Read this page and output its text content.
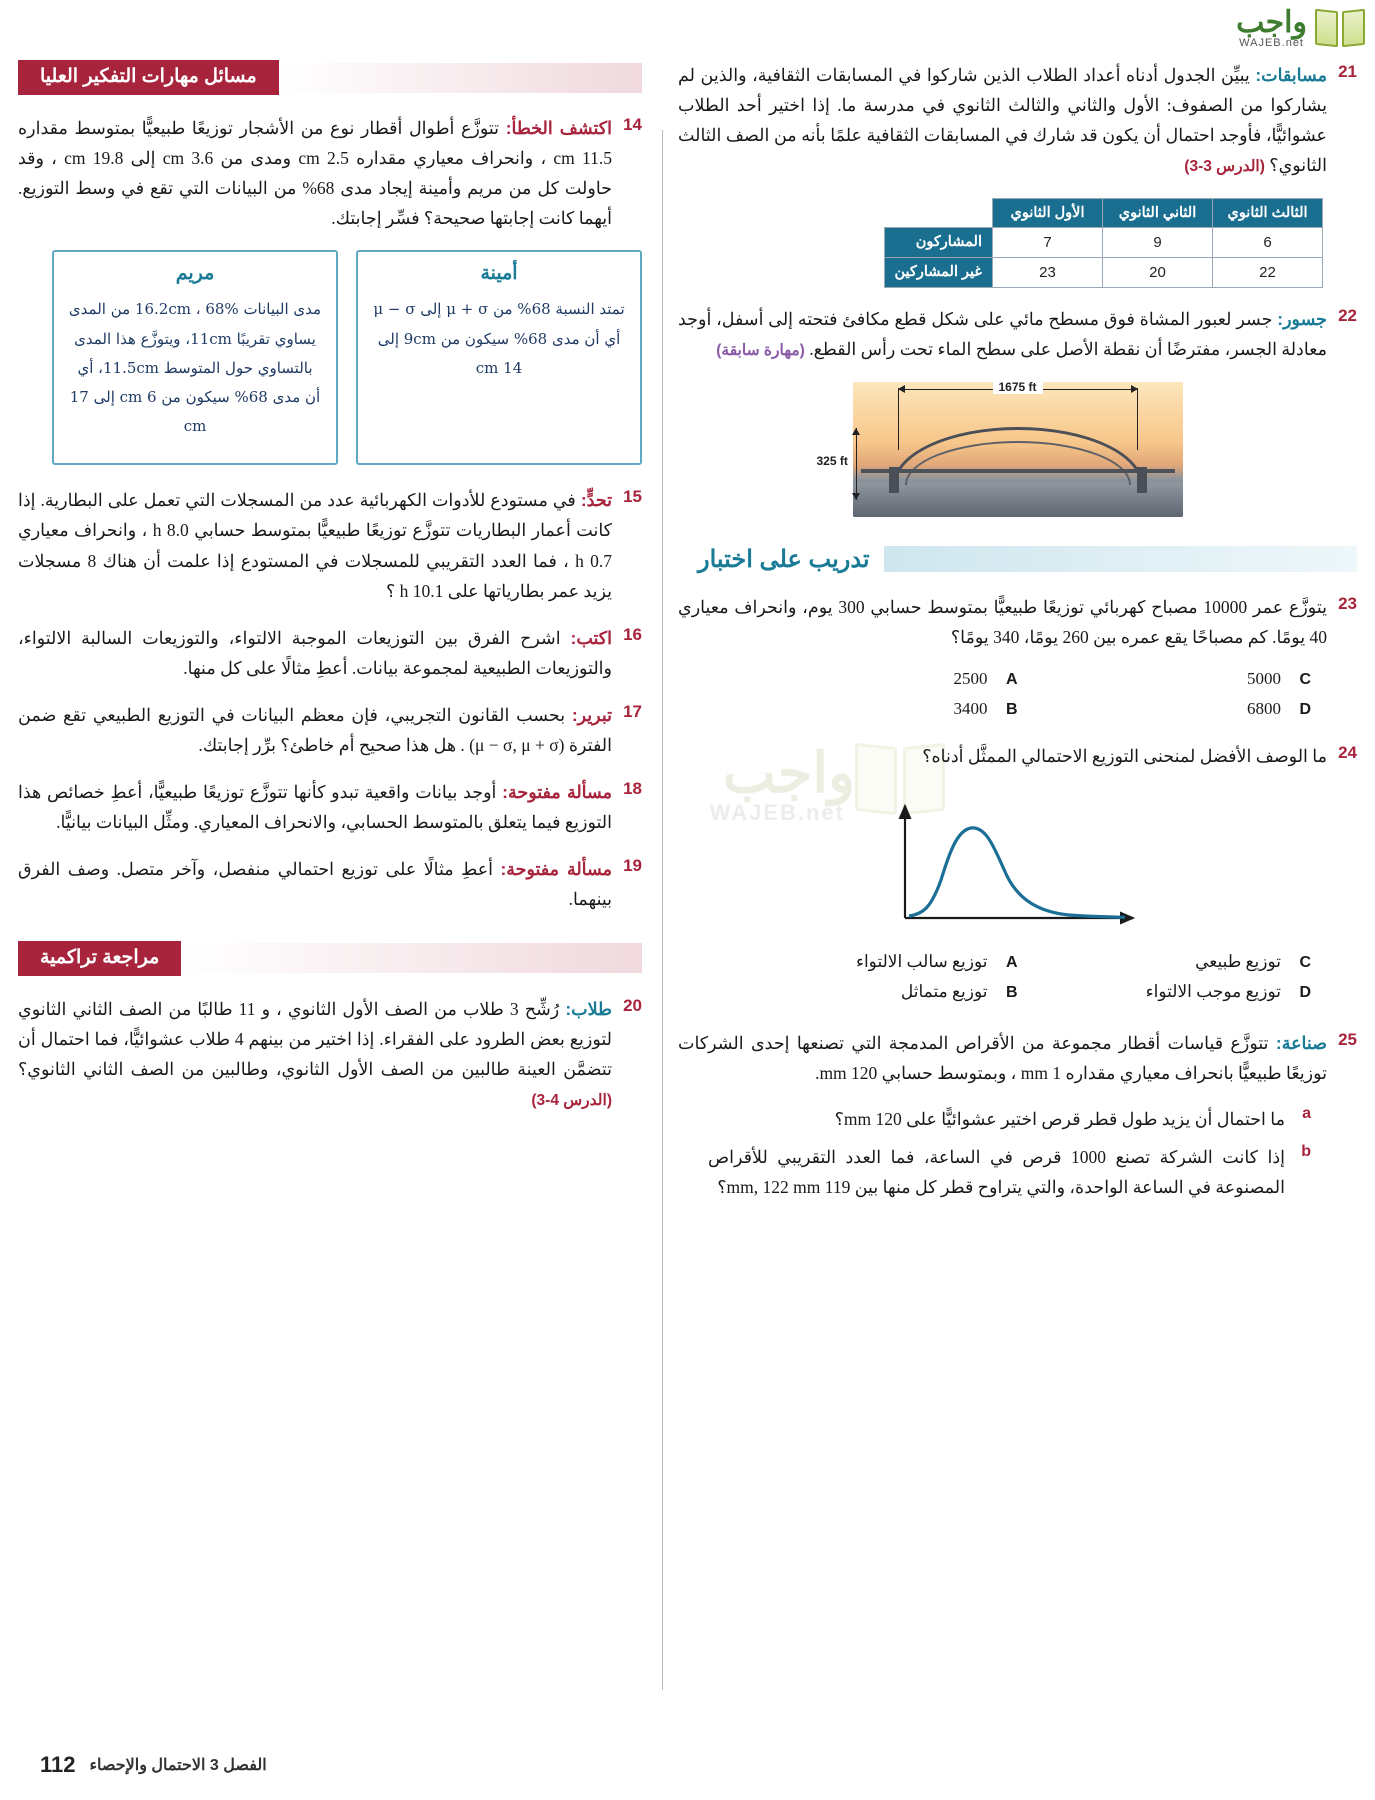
واجب
WAJEB.net
واجب
WAJEB.net
21
مسابقات: يبيِّن الجدول أدناه أعداد الطلاب الذين شاركوا في المسابقات الثقافية، والذين لم يشاركوا من الصفوف: الأول والثاني والثالث الثانوي في مدرسة ما. إذا اختير أحد الطلاب عشوائيًّا، فأوجد احتمال أن يكون قد شارك في المسابقات الثقافية علمًا بأنه من الصف الثالث الثانوي؟ (الدرس 3-3)
الثالث الثانوي	الثاني الثانوي	الأول الثانوي	
6	9	7	المشاركون
22	20	23	غير المشاركين
22
جسور: جسر لعبور المشاة فوق مسطح مائي على شكل قطع مكافئ فتحته إلى أسفل، أوجد معادلة الجسر، مفترضًا أن نقطة الأصل على سطح الماء تحت رأس القطع. (مهارة سابقة)
1675 ft
325 ft
تدريب على اختبار
23
يتوزَّع عمر 10000 مصباح كهربائي توزيعًا طبيعيًّا بمتوسط حسابي 300 يوم، وانحراف معياري 40 يومًا. كم مصباحًا يقع عمره بين 260 يومًا، 340 يومًا؟
C
5000
A
2500
D
6800
B
3400
24
ما الوصف الأفضل لمنحنى التوزيع الاحتمالي الممثَّل أدناه؟
C
توزيع طبيعي
A
توزيع سالب الالتواء
D
توزيع موجب الالتواء
B
توزيع متماثل
25
صناعة: تتوزَّع قياسات أقطار مجموعة من الأقراص المدمجة التي تصنعها إحدى الشركات توزيعًا طبيعيًّا بانحراف معياري مقداره 1 mm ، وبمتوسط حسابي 120 mm.
a
ما احتمال أن يزيد طول قطر قرص اختير عشوائيًّا على 120 mm؟
b
إذا كانت الشركة تصنع 1000 قرص في الساعة، فما العدد التقريبي للأقراص المصنوعة في الساعة الواحدة، والتي يتراوح قطر كل منها بين 119 mm, 122 mm؟
مسائل مهارات التفكير العليا
14
اكتشف الخطأ: تتوزَّع أطوال أقطار نوع من الأشجار توزيعًا طبيعيًّا بمتوسط مقداره 11.5 cm ، وانحراف معياري مقداره 2.5 cm ومدى من 3.6 cm إلى 19.8 cm ، وقد حاولت كل من مريم وأمينة إيجاد مدى 68% من البيانات التي تقع في وسط التوزيع. أيهما كانت إجابتها صحيحة؟ فسِّر إجابتك.
أمينة
تمتد النسبة 68% من μ + σ إلى μ − σ أي أن مدى 68% سيكون من 9cm إلى 14 cm
مريم
مدى البيانات 16.2cm ، 68% من المدى يساوي تقريبًا 11cm، ويتوزَّع هذا المدى بالتساوي حول المتوسط 11.5cm، أي أن مدى 68% سيكون من 6 cm إلى 17 cm
15
تحدٍّ: في مستودع للأدوات الكهربائية عدد من المسجلات التي تعمل على البطارية. إذا كانت أعمار البطاريات تتوزَّع توزيعًا طبيعيًّا بمتوسط حسابي 8.0 h ، وانحراف معياري 0.7 h ، فما العدد التقريبي للمسجلات في المستودع إذا علمت أن هناك 8 مسجلات يزيد عمر بطارياتها على 10.1 h ؟
16
اكتب: اشرح الفرق بين التوزيعات الموجبة الالتواء، والتوزيعات السالبة الالتواء، والتوزيعات الطبيعية لمجموعة بيانات. أعطِ مثالًا على كل منها.
17
تبرير: بحسب القانون التجريبي، فإن معظم البيانات في التوزيع الطبيعي تقع ضمن الفترة (μ − σ, μ + σ) . هل هذا صحيح أم خاطئ؟ برِّر إجابتك.
18
مسألة مفتوحة: أوجد بيانات واقعية تبدو كأنها تتوزَّع توزيعًا طبيعيًّا، أعطِ خصائص هذا التوزيع فيما يتعلق بالمتوسط الحسابي، والانحراف المعياري. ومثِّل البيانات بيانيًّا.
19
مسألة مفتوحة: أعطِ مثالًا على توزيع احتمالي منفصل، وآخر متصل. وصف الفرق بينهما.
مراجعة تراكمية
20
طلاب: رُشِّح 3 طلاب من الصف الأول الثانوي ، و 11 طالبًا من الصف الثاني الثانوي لتوزيع بعض الطرود على الفقراء. إذا اختير من بينهم 4 طلاب عشوائيًّا، فما احتمال أن تتضمَّن العينة طالبين من الصف الأول الثانوي، وطالبين من الصف الثاني الثانوي؟ (الدرس 4-3)
الفصل 3 الاحتمال والإحصاء
112
